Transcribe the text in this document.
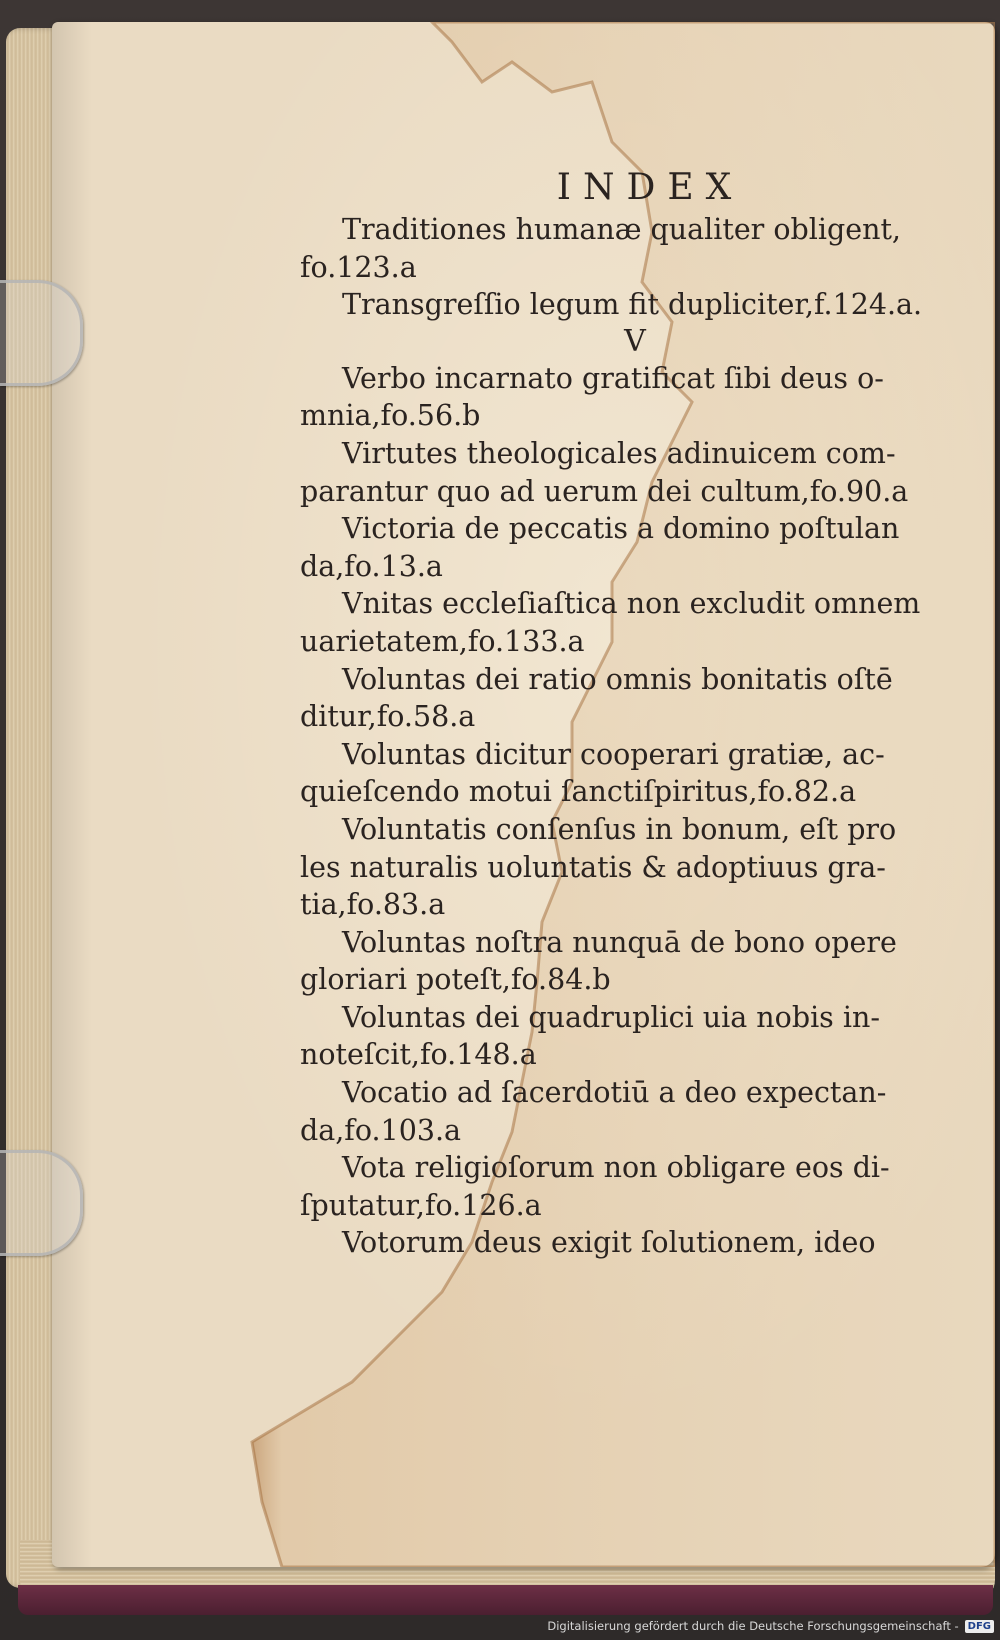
INDEX
Traditiones humanæ qualiter obligent,
fo.123.a
Transgreſſio legum fit dupliciter,f.124.a.
V
Verbo incarnato gratificat ſibi deus o-
mnia,fo.56.b
Virtutes theologicales adinuicem com-
parantur quo ad uerum dei cultum,fo.90.a
Victoria de peccatis a domino poſtulan
da,fo.13.a
Vnitas eccleſiaſtica non excludit omnem
uarietatem,fo.133.a
Voluntas dei ratio omnis bonitatis oſtē
ditur,fo.58.a
Voluntas dicitur cooperari gratiæ, ac-
quieſcendo motui ſanctiſpiritus,fo.82.a
Voluntatis conſenſus in bonum, eſt pro
les naturalis uoluntatis & adoptiuus gra-
tia,fo.83.a
Voluntas noſtra nunquā de bono opere
gloriari poteſt,fo.84.b
Voluntas dei quadruplici uia nobis in-
noteſcit,fo.148.a
Vocatio ad ſacerdotiū a deo expectan-
da,fo.103.a
Vota religioſorum non obligare eos di-
ſputatur,fo.126.a
Votorum deus exigit ſolutionem, ideo
Digitalisierung gefördert durch die Deutsche Forschungsgemeinschaft - DFG
